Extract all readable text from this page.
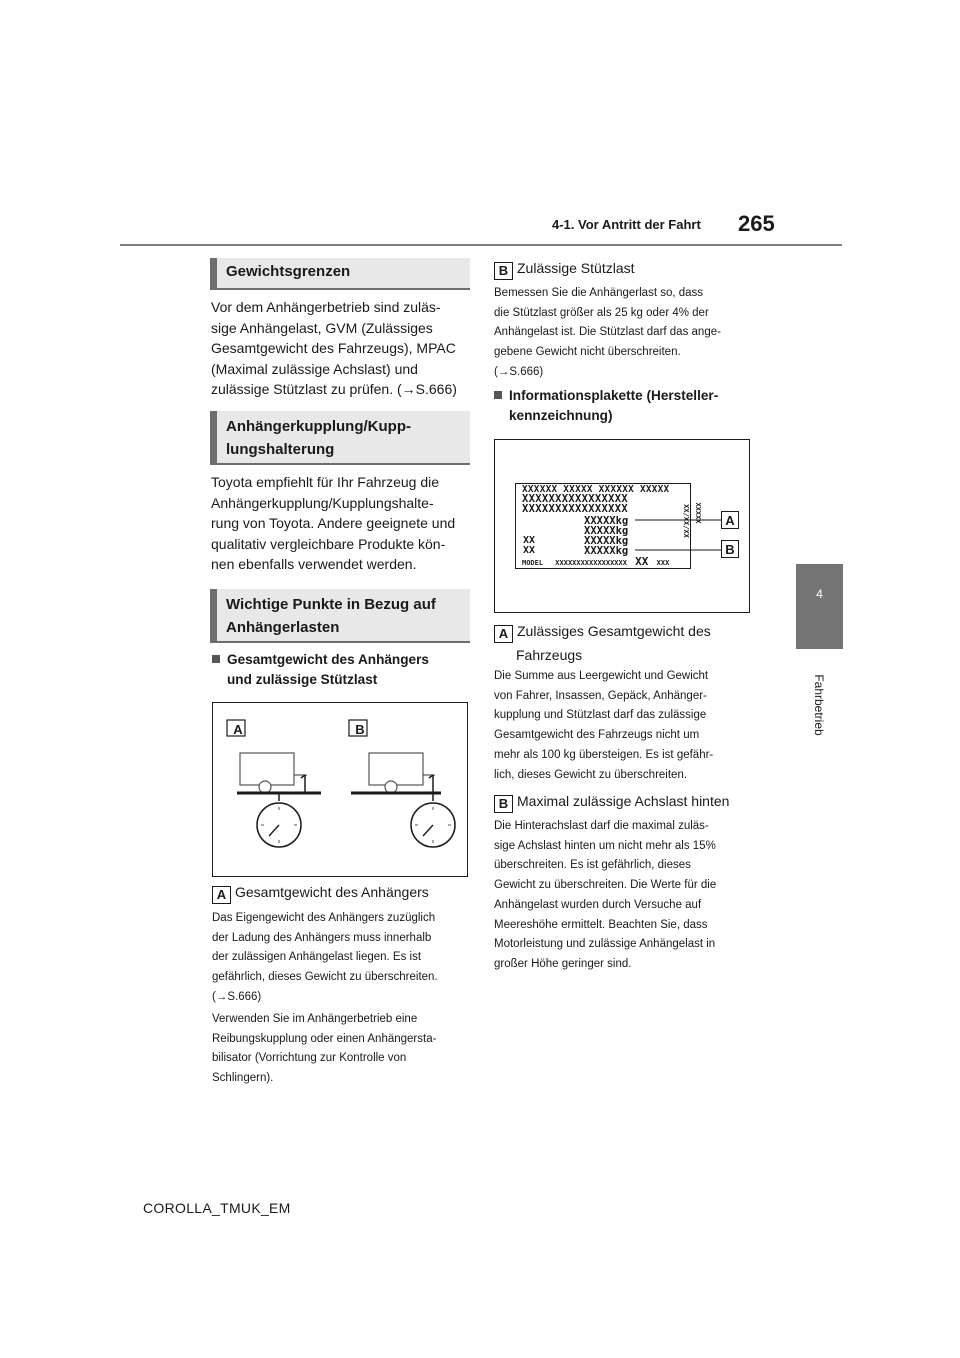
4-1. Vor Antritt der Fahrt 265
4
Fahrbetrieb
Gewichtsgrenzen
Vor dem Anhängerbetrieb sind zuläs-
sige Anhängelast, GVM (Zulässiges
Gesamtgewicht des Fahrzeugs), MPAC
(Maximal zulässige Achslast) und
zulässige Stützlast zu prüfen. (→S.666)
Anhängerkupplung/Kupp-
lungshalterung
Toyota empfiehlt für Ihr Fahrzeug die
Anhängerkupplung/Kupplungshalte-
rung von Toyota. Andere geeignete und
qualitativ vergleichbare Produkte kön-
nen ebenfalls verwendet werden.
Wichtige Punkte in Bezug auf
Anhängerlasten
Gesamtgewicht des Anhängers
und zulässige Stützlast
A	B
A Gesamtgewicht des Anhängers
Das Eigengewicht des Anhängers zuzüglich
der Ladung des Anhängers muss innerhalb
der zulässigen Anhängelast liegen. Es ist
gefährlich, dieses Gewicht zu überschreiten.
(→S.666)
Verwenden Sie im Anhängerbetrieb eine
Reibungskupplung oder einen Anhängersta-
bilisator (Vorrichtung zur Kontrolle von
Schlingern).
B Zulässige Stützlast
Bemessen Sie die Anhängerlast so, dass
die Stützlast größer als 25 kg oder 4% der
Anhängelast ist. Die Stützlast darf das ange-
gebene Gewicht nicht überschreiten.
(→S.666)
Informationsplakette (Hersteller-
kennzeichnung)
XXXXXX XXXXX XXXXXX XXXXX
XXXXXXXXXXXXXXXX
XXXXXXXXXXXXXXXX
XXXXXkg
XXXXXkg
XXXXXkg
XXXXXkg
XX
XX
MODEL XXXXXXXXXXXXXXXXX XX XXX
XXXXX
XX/XX/XX	A
B
A Zulässiges Gesamtgewicht des
Fahrzeugs
Die Summe aus Leergewicht und Gewicht
von Fahrer, Insassen, Gepäck, Anhänger-
kupplung und Stützlast darf das zulässige
Gesamtgewicht des Fahrzeugs nicht um
mehr als 100 kg übersteigen. Es ist gefähr-
lich, dieses Gewicht zu überschreiten.
B Maximal zulässige Achslast hinten
Die Hinterachslast darf die maximal zuläs-
sige Achslast hinten um nicht mehr als 15%
überschreiten. Es ist gefährlich, dieses
Gewicht zu überschreiten. Die Werte für die
Anhängelast wurden durch Versuche auf
Meereshöhe ermittelt. Beachten Sie, dass
Motorleistung und zulässige Anhängelast in
großer Höhe geringer sind.
COROLLA_TMUK_EM
